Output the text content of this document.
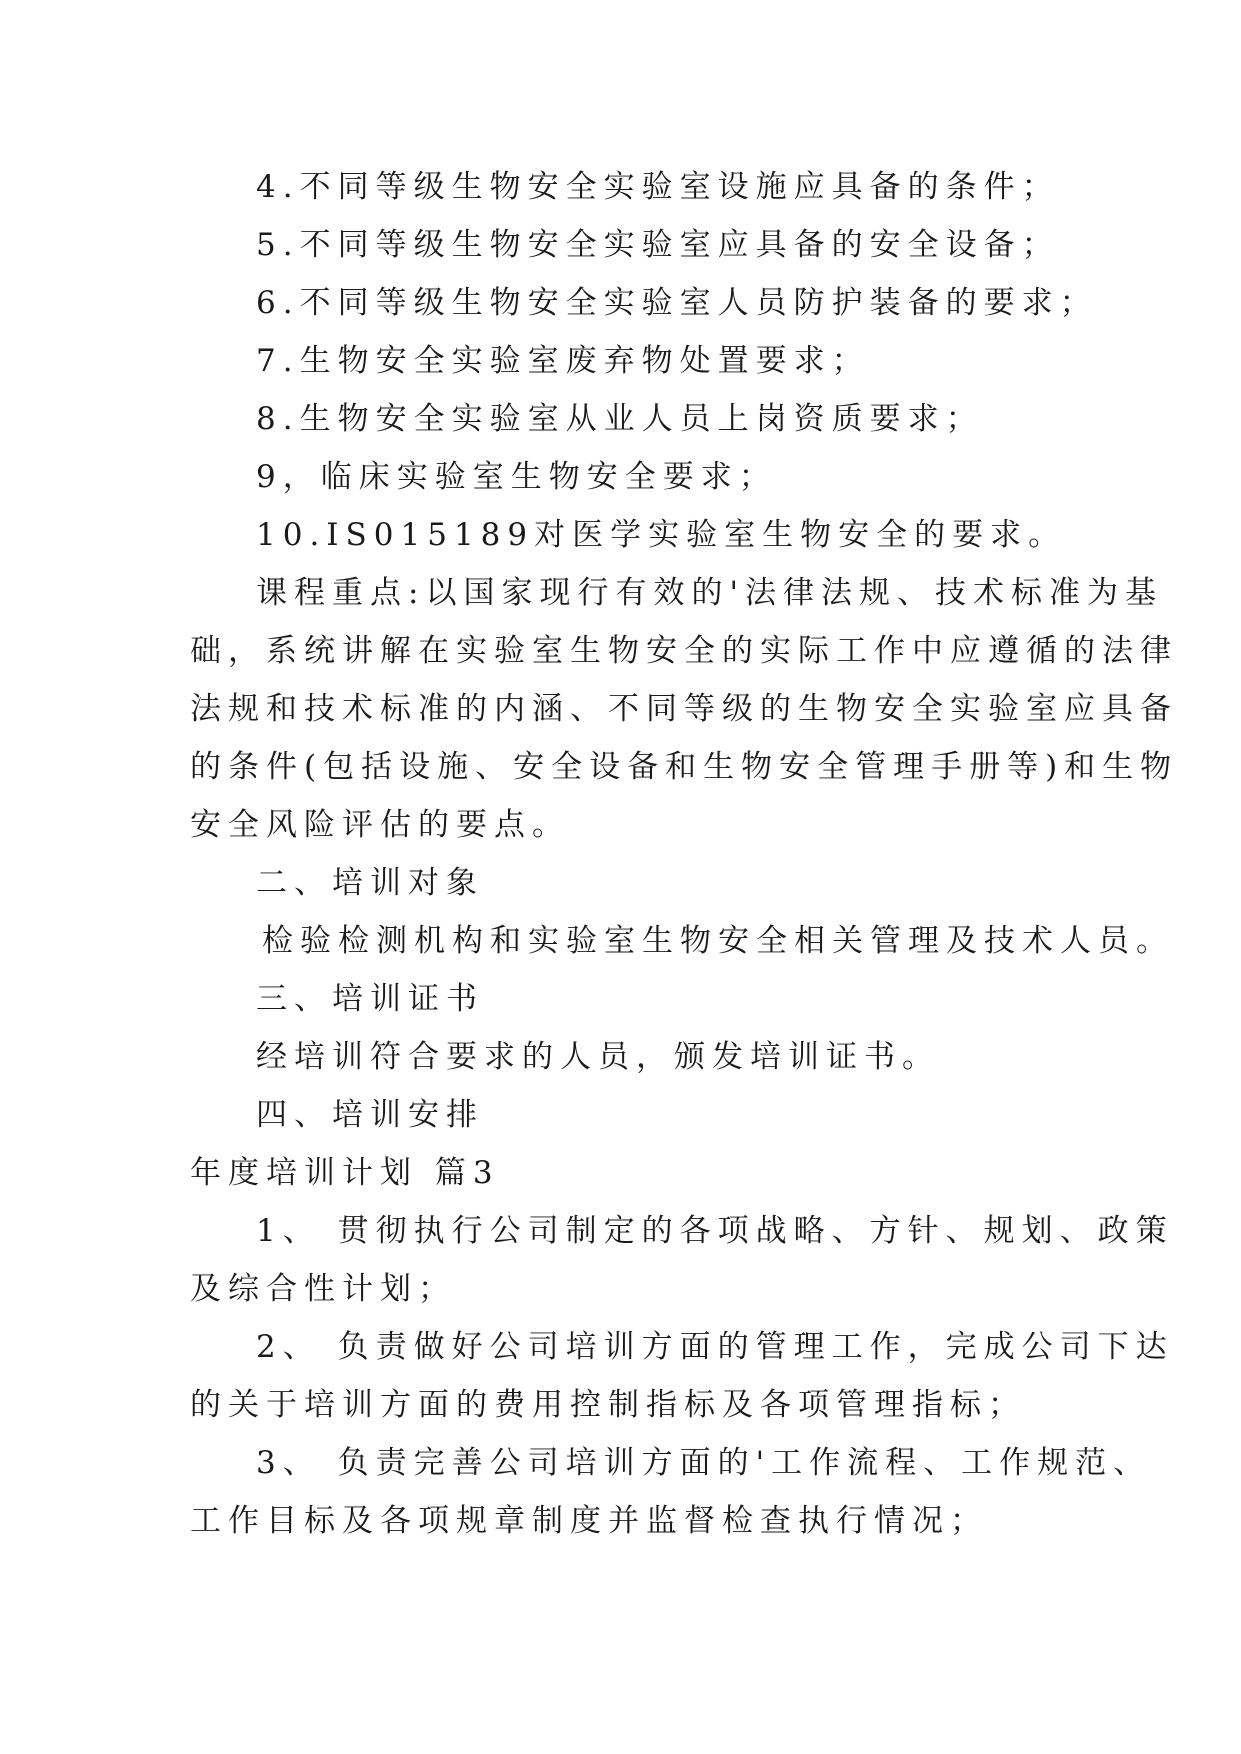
4.不同等级生物安全实验室设施应具备的条件；
5.不同等级生物安全实验室应具备的安全设备；
6.不同等级生物安全实验室人员防护装备的要求；
7.生物安全实验室废弃物处置要求；
8.生物安全实验室从业人员上岗资质要求；
9，临床实验室生物安全要求；
10.IS015189对医学实验室生物安全的要求。
课程重点:以国家现行有效的'法律法规、技术标准为基
础，系统讲解在实验室生物安全的实际工作中应遵循的法律
法规和技术标准的内涵、不同等级的生物安全实验室应具备
的条件(包括设施、安全设备和生物安全管理手册等)和生物
安全风险评估的要点。
二、培训对象
检验检测机构和实验室生物安全相关管理及技术人员。
三、培训证书
经培训符合要求的人员，颁发培训证书。
四、培训安排
年度培训计划 篇3
1、 贯彻执行公司制定的各项战略、方针、规划、政策
及综合性计划；
2、 负责做好公司培训方面的管理工作，完成公司下达
的关于培训方面的费用控制指标及各项管理指标；
3、 负责完善公司培训方面的'工作流程、工作规范、
工作目标及各项规章制度并监督检查执行情况；
